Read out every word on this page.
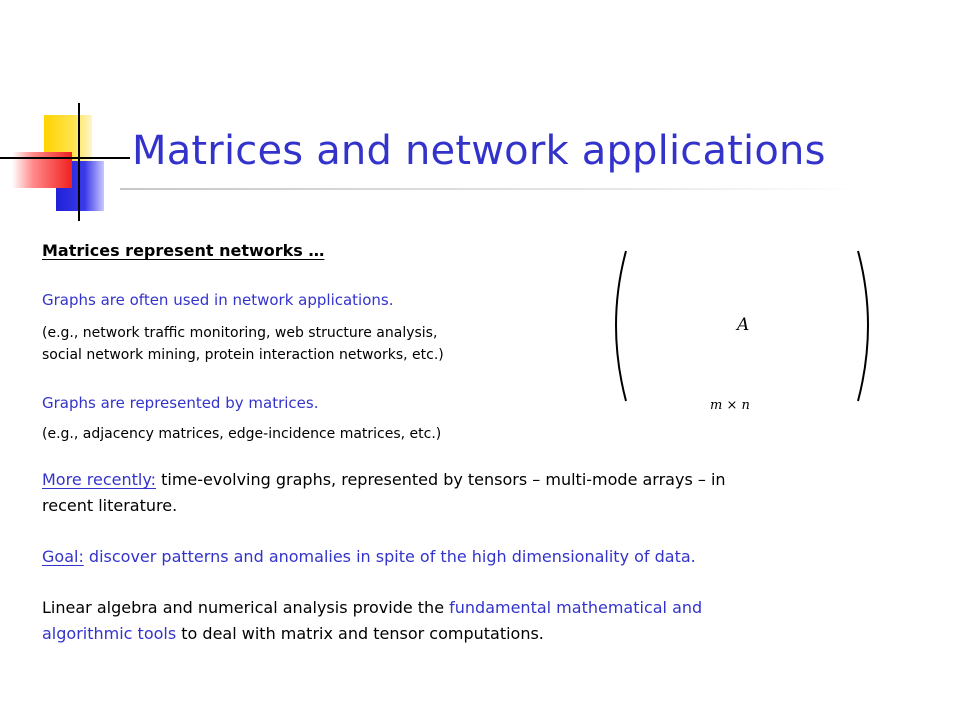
Matrices and network applications
Matrices represent networks …
Graphs are often used in network applications.
(e.g., network traffic monitoring, web structure analysis,
social network mining, protein interaction networks, etc.)
Graphs are represented by matrices.
(e.g., adjacency matrices, edge-incidence matrices, etc.)
More recently: time-evolving graphs, represented by tensors – multi-mode arrays – in
recent literature.
Goal: discover patterns and anomalies in spite of the high dimensionality of data.
Linear algebra and numerical analysis provide the fundamental mathematical and
algorithmic tools to deal with matrix and tensor computations.
A
m × n
